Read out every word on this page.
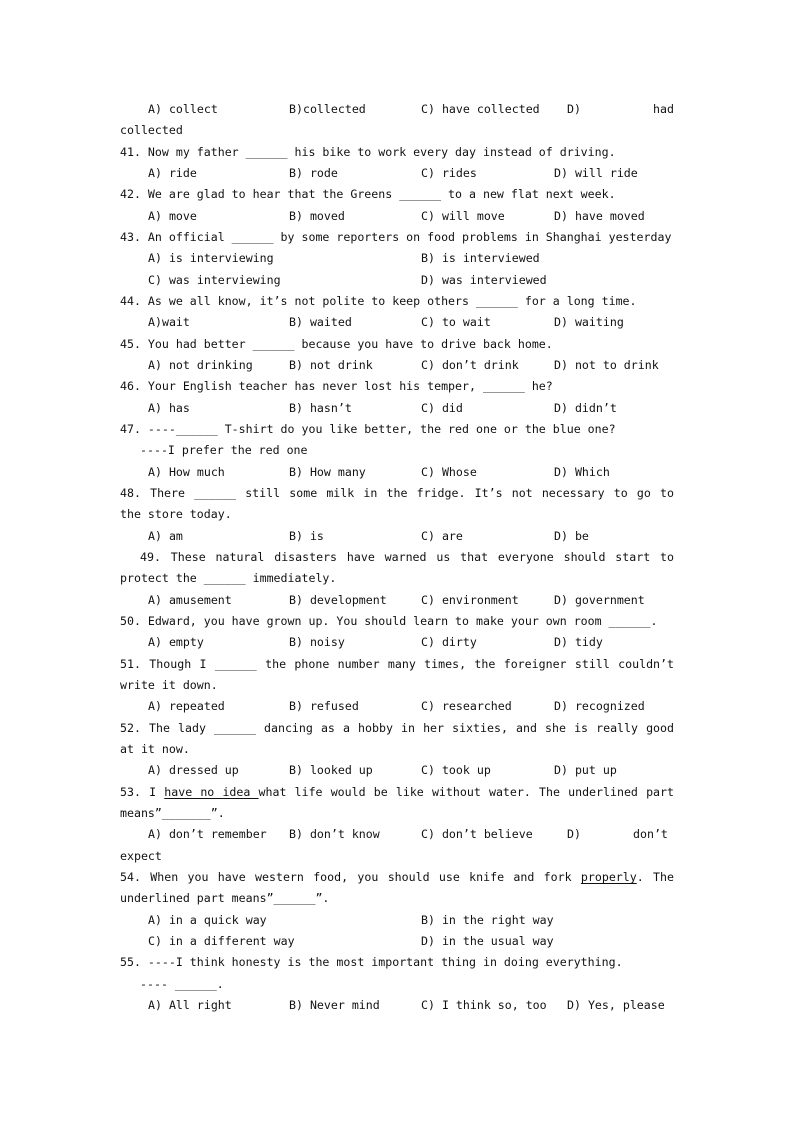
A) collect	B)collected	C) have collected D)	had
collected
41. Now my father ______ his bike to work every day instead of driving.
A) ride	B) rode	C) rides	D) will ride
42. We are glad to hear that the Greens ______ to a new flat next week.
A) move	B) moved	C) will move	D) have moved
43. An official ______ by some reporters on food problems in Shanghai yesterday
A) is interviewing	B) is interviewed
C) was interviewing	D) was interviewed
44. As we all know, it’s not polite to keep others ______ for a long time.
A)wait	B) waited	C) to wait	D) waiting
45. You had better ______ because you have to drive back home.
A) not drinking	B) not drink	C) don’t drink	D) not to drink
46. Your English teacher has never lost his temper, ______ he?
A) has	B) hasn’t	C) did	D) didn’t
47. ----______ T-shirt do you like better, the red one or the blue one?
----I prefer the red one
A) How much	B) How many	C) Whose	D) Which
48. There ______ still some milk in the fridge. It’s not necessary to go to
the store today.
A) am	B) is	C) are	D) be
49. These natural disasters have warned us that everyone should start to
protect the ______ immediately.
A) amusement	B) development	C) environment	D) government
50. Edward, you have grown up. You should learn to make your own room ______.
A) empty	B) noisy	C) dirty	D) tidy
51. Though I ______ the phone number many times, the foreigner still couldn’t
write it down.
A) repeated	B) refused	C) researched	D) recognized
52. The lady ______ dancing as a hobby in her sixties, and she is really good
at it now.
A) dressed up	B) looked up	C) took up	D) put up
53. I have no idea what life would be like without water. The underlined part
means”_______”.
A) don’t remember B) don’t know	C) don’t believe	D)	don’t
expect
54. When you have western food, you should use knife and fork properly. The
underlined part means”______”.
A) in a quick way	B) in the right way
C) in a different way	D) in the usual way
55. ----I think honesty is the most important thing in doing everything.
---- ______.
A) All right	B) Never mind	C) I think so, too D) Yes, please
